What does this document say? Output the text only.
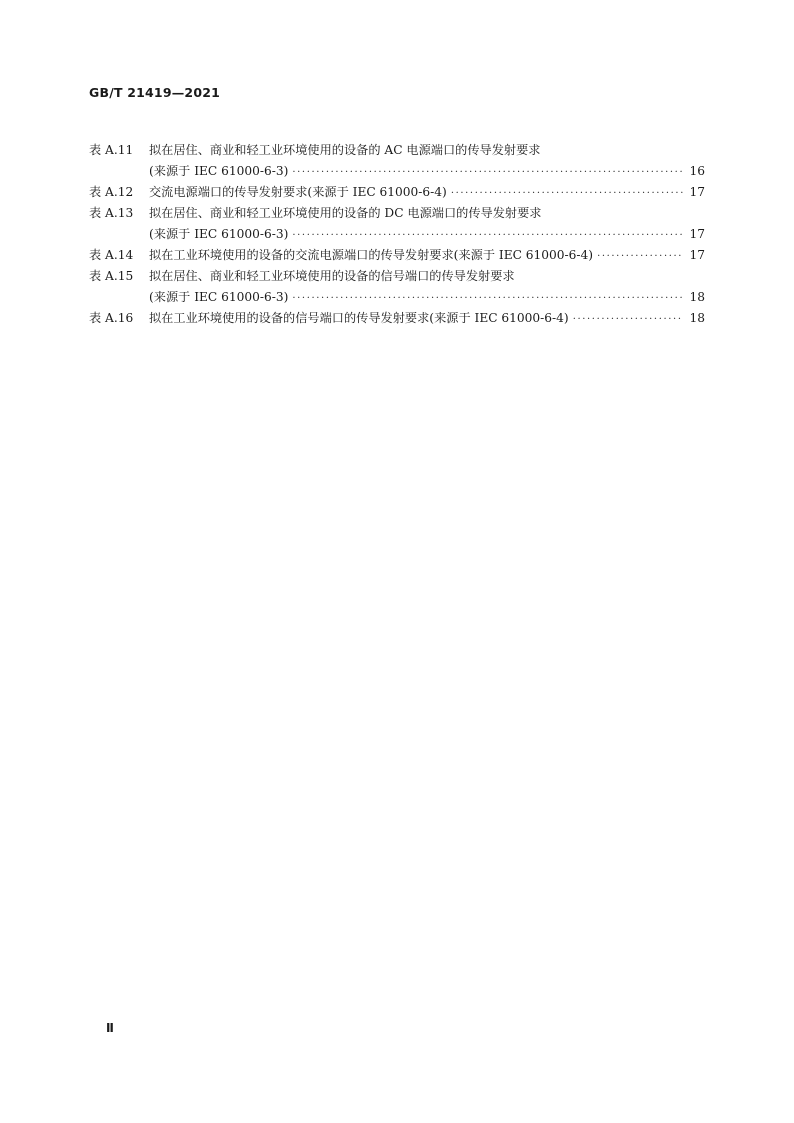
GB/T 21419—2021
表 A.11	拟在居住、商业和轻工业环境使用的设备的 AC 电源端口的传导发射要求
(来源于 IEC 61000-6-3) ·····	16
表 A.12	交流电源端口的传导发射要求(来源于 IEC 61000-6-4) ·····	17
表 A.13	拟在居住、商业和轻工业环境使用的设备的 DC 电源端口的传导发射要求
(来源于 IEC 61000-6-3) ·····	17
表 A.14	拟在工业环境使用的设备的交流电源端口的传导发射要求(来源于 IEC 61000-6-4) ·····	17
表 A.15	拟在居住、商业和轻工业环境使用的设备的信号端口的传导发射要求
(来源于 IEC 61000-6-3) ·····	18
表 A.16	拟在工业环境使用的设备的信号端口的传导发射要求(来源于 IEC 61000-6-4) ·····	18
Ⅱ
